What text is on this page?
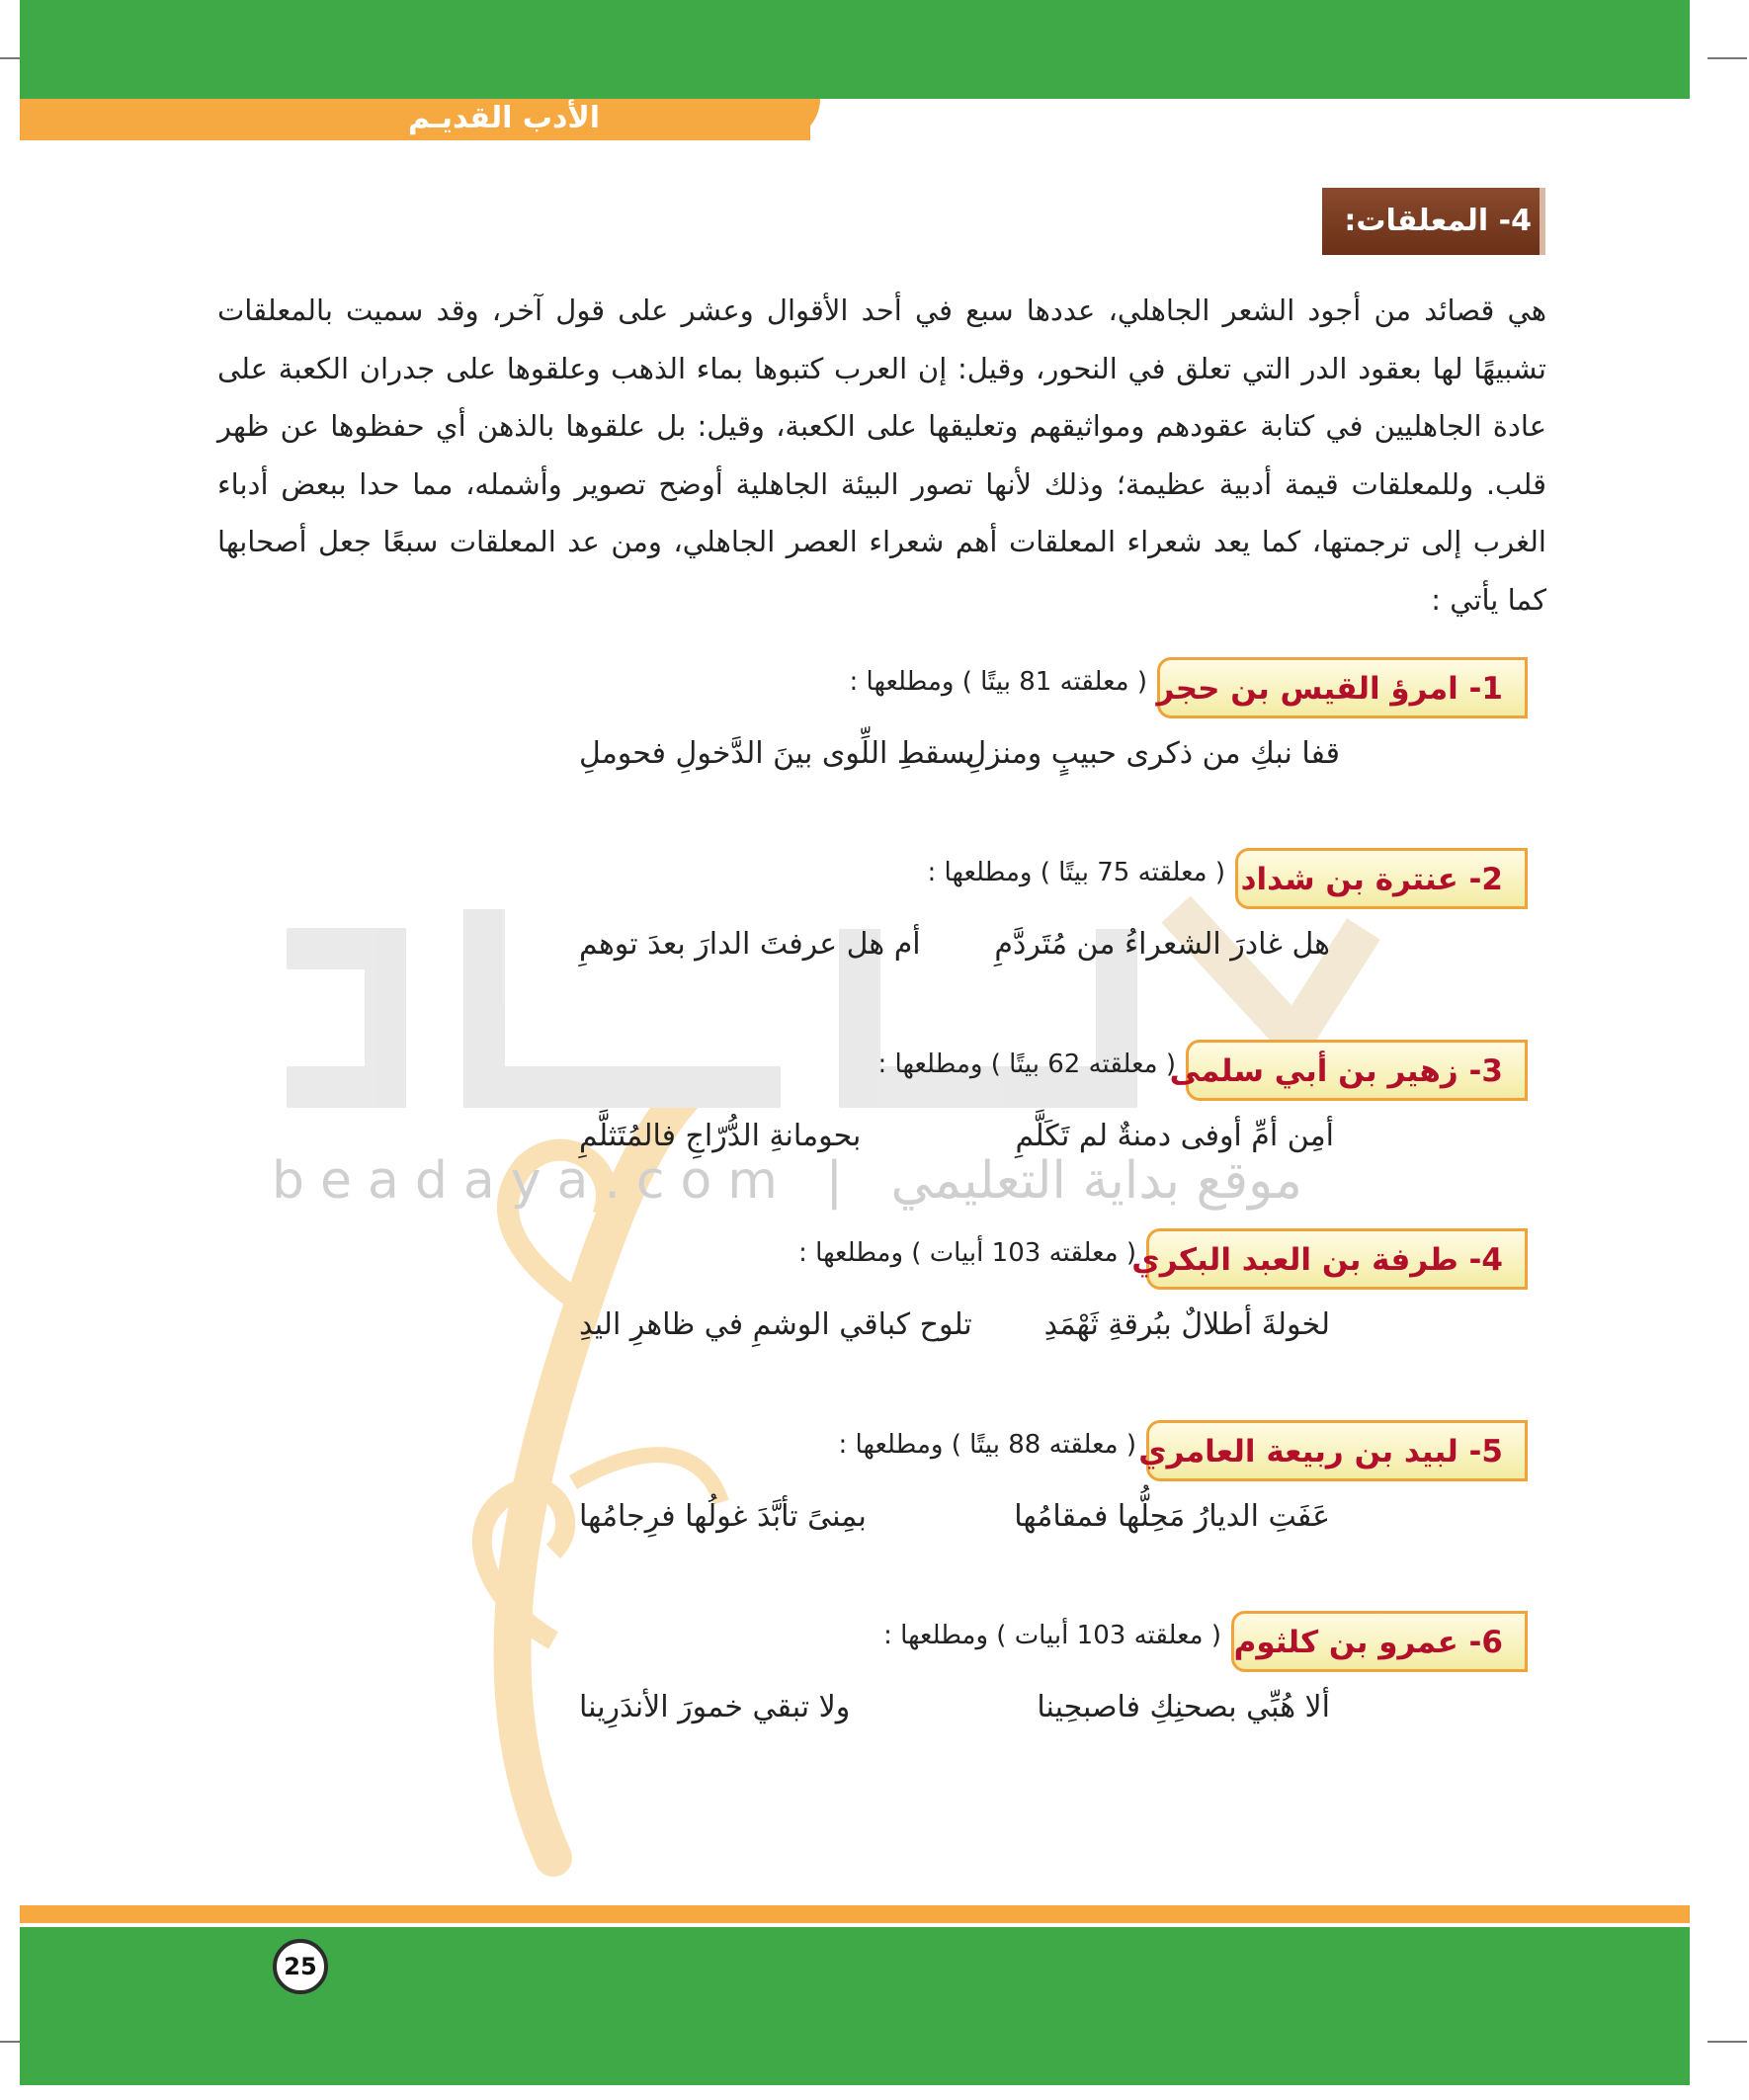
الأدب القديـم
beadaya.com | موقع بداية التعليمي
4- المعلقات:
هي قصائد من أجود الشعر الجاهلي، عددها سبع في أحد الأقوال وعشر على قول آخر، وقد سميت بالمعلقات تشبيهًا لها بعقود الدر التي تعلق في النحور، وقيل: إن العرب كتبوها بماء الذهب وعلقوها على جدران الكعبة على عادة الجاهليين في كتابة عقودهم ومواثيقهم وتعليقها على الكعبة، وقيل: بل علقوها بالذهن أي حفظوها عن ظهر قلب. وللمعلقات قيمة أدبية عظيمة؛ وذلك لأنها تصور البيئة الجاهلية أوضح تصوير وأشمله، مما حدا ببعض أدباء الغرب إلى ترجمتها، كما يعد شعراء المعلقات أهم شعراء العصر الجاهلي، ومن عد المعلقات سبعًا جعل أصحابها كما يأتي :
1- امرؤ القيس بن حجر
( معلقته 81 بيتًا ) ومطلعها :
قفا نبكِ من ذكرى حبيبٍ ومنزلِ
بسقطِ اللِّوى بينَ الدَّخولِ فحوملِ
2- عنترة بن شداد
( معلقته 75 بيتًا ) ومطلعها :
هل غادرَ الشعراءُ من مُتَردَّمِ
أم هل عرفتَ الدارَ بعدَ توهمِ
3- زهير بن أبي سلمى
( معلقته 62 بيتًا ) ومطلعها :
أمِن أمِّ أوفى دمنةٌ لم تَكَلَّمِ
بحومانةِ الدُّرّاجِ فالمُتَثلَّمِ
4- طرفة بن العبد البكري
( معلقته 103 أبيات ) ومطلعها :
لخولةَ أطلالٌ ببُرقةِ ثَهْمَدِ
تلوح كباقي الوشمِ في ظاهرِ اليدِ
5- لبيد بن ربيعة العامري
( معلقته 88 بيتًا ) ومطلعها :
عَفَتِ الديارُ مَحِلُّها فمقامُها
بمِنىً تأبَّدَ غولُها فرِجامُها
6- عمرو بن كلثوم
( معلقته 103 أبيات ) ومطلعها :
ألا هُبِّي بصحنِكِ فاصبحِينا
ولا تبقي خمورَ الأندَرِينا
25
